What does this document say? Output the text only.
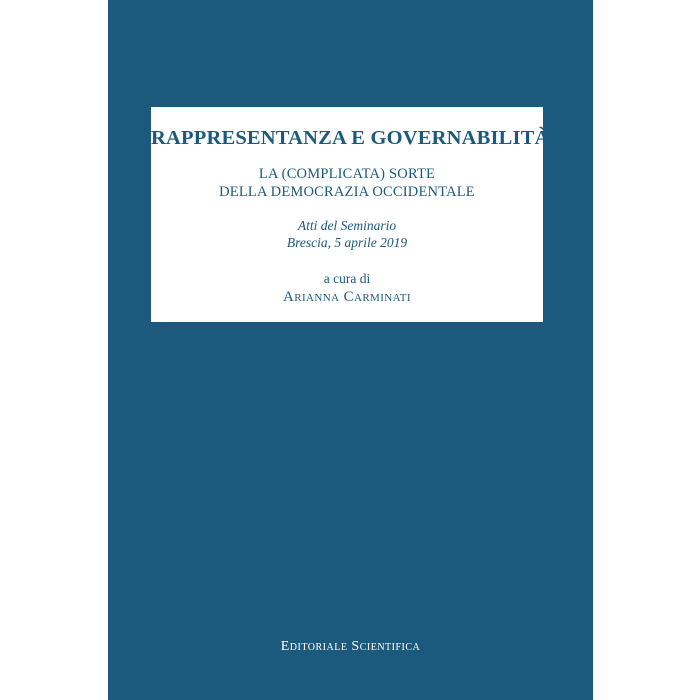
RAPPRESENTANZA E GOVERNABILITÀ
LA (COMPLICATA) SORTE
DELLA DEMOCRAZIA OCCIDENTALE
Atti del Seminario
Brescia, 5 aprile 2019
a cura di
Arianna Carminati
Editoriale Scientifica
